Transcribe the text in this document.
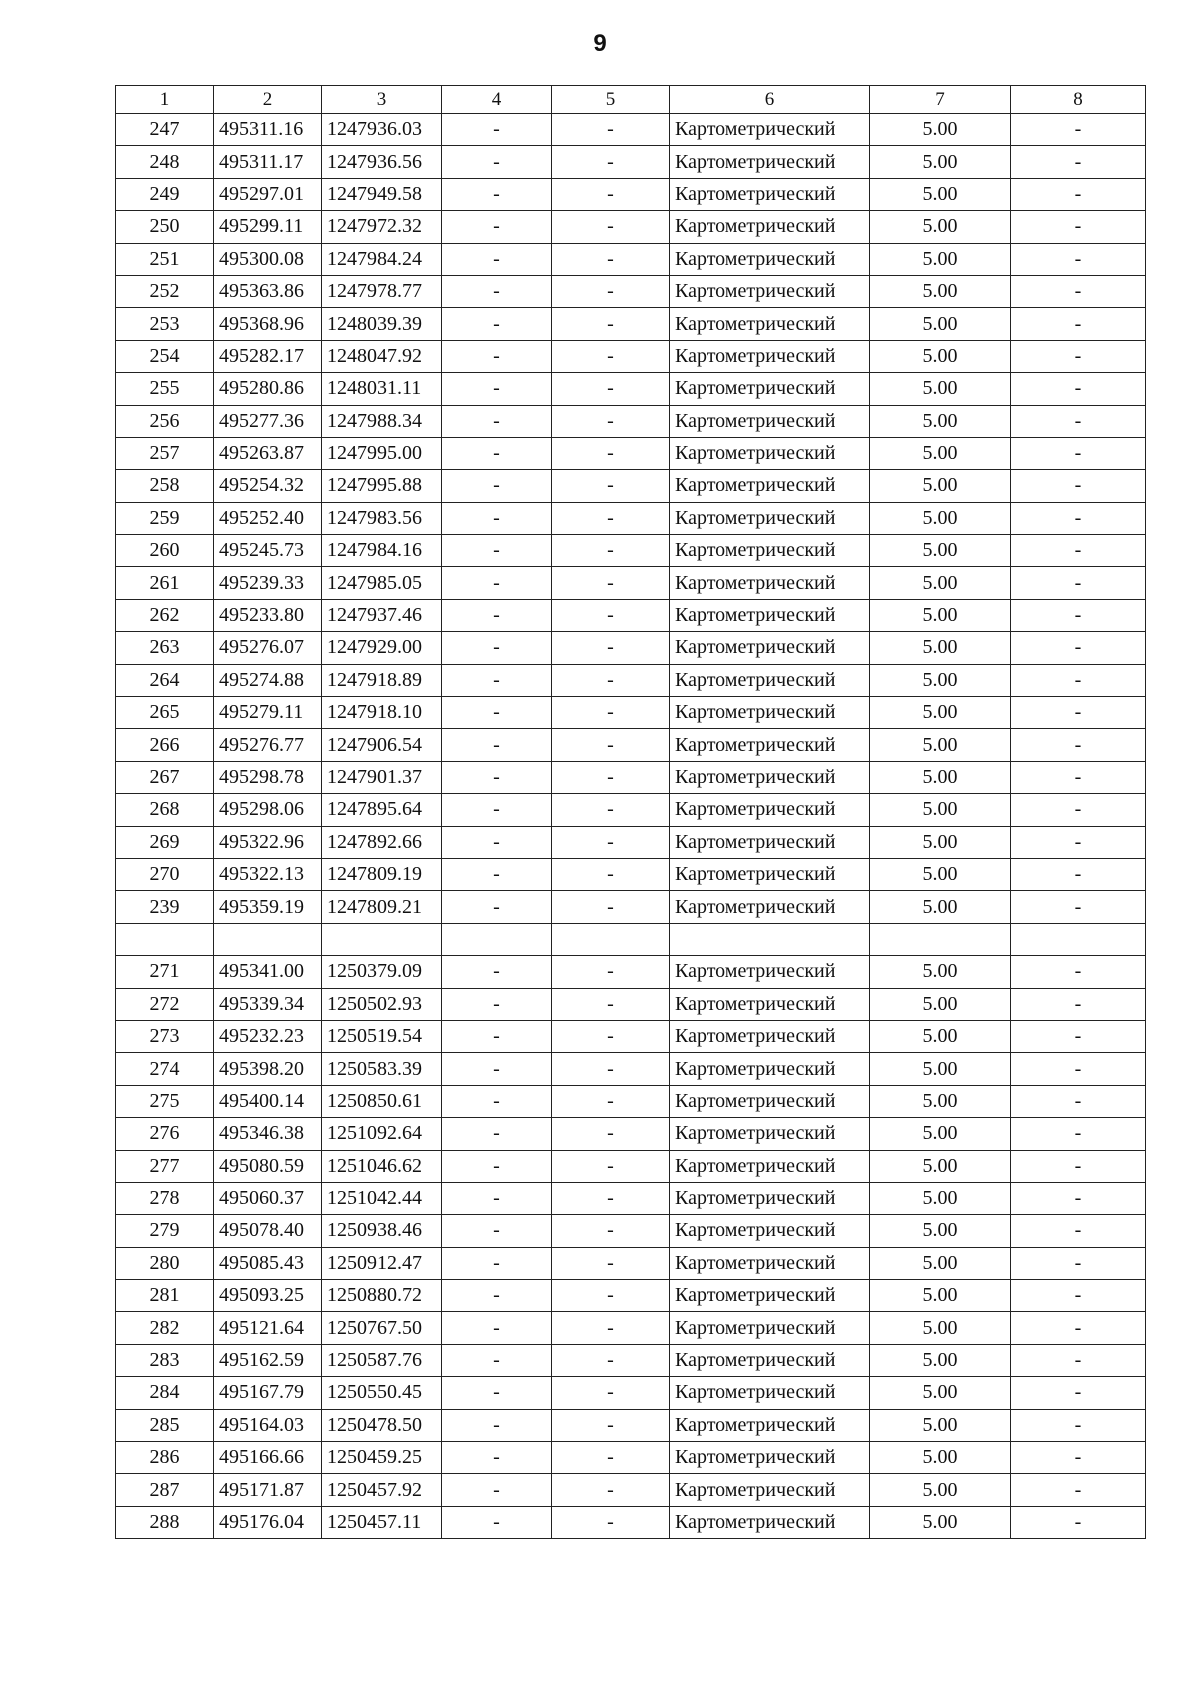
9
1	2	3	4	5	6	7	8
247	495311.16	1247936.03	-	-	Картометрический	5.00	-
248	495311.17	1247936.56	-	-	Картометрический	5.00	-
249	495297.01	1247949.58	-	-	Картометрический	5.00	-
250	495299.11	1247972.32	-	-	Картометрический	5.00	-
251	495300.08	1247984.24	-	-	Картометрический	5.00	-
252	495363.86	1247978.77	-	-	Картометрический	5.00	-
253	495368.96	1248039.39	-	-	Картометрический	5.00	-
254	495282.17	1248047.92	-	-	Картометрический	5.00	-
255	495280.86	1248031.11	-	-	Картометрический	5.00	-
256	495277.36	1247988.34	-	-	Картометрический	5.00	-
257	495263.87	1247995.00	-	-	Картометрический	5.00	-
258	495254.32	1247995.88	-	-	Картометрический	5.00	-
259	495252.40	1247983.56	-	-	Картометрический	5.00	-
260	495245.73	1247984.16	-	-	Картометрический	5.00	-
261	495239.33	1247985.05	-	-	Картометрический	5.00	-
262	495233.80	1247937.46	-	-	Картометрический	5.00	-
263	495276.07	1247929.00	-	-	Картометрический	5.00	-
264	495274.88	1247918.89	-	-	Картометрический	5.00	-
265	495279.11	1247918.10	-	-	Картометрический	5.00	-
266	495276.77	1247906.54	-	-	Картометрический	5.00	-
267	495298.78	1247901.37	-	-	Картометрический	5.00	-
268	495298.06	1247895.64	-	-	Картометрический	5.00	-
269	495322.96	1247892.66	-	-	Картометрический	5.00	-
270	495322.13	1247809.19	-	-	Картометрический	5.00	-
239	495359.19	1247809.21	-	-	Картометрический	5.00	-

271	495341.00	1250379.09	-	-	Картометрический	5.00	-
272	495339.34	1250502.93	-	-	Картометрический	5.00	-
273	495232.23	1250519.54	-	-	Картометрический	5.00	-
274	495398.20	1250583.39	-	-	Картометрический	5.00	-
275	495400.14	1250850.61	-	-	Картометрический	5.00	-
276	495346.38	1251092.64	-	-	Картометрический	5.00	-
277	495080.59	1251046.62	-	-	Картометрический	5.00	-
278	495060.37	1251042.44	-	-	Картометрический	5.00	-
279	495078.40	1250938.46	-	-	Картометрический	5.00	-
280	495085.43	1250912.47	-	-	Картометрический	5.00	-
281	495093.25	1250880.72	-	-	Картометрический	5.00	-
282	495121.64	1250767.50	-	-	Картометрический	5.00	-
283	495162.59	1250587.76	-	-	Картометрический	5.00	-
284	495167.79	1250550.45	-	-	Картометрический	5.00	-
285	495164.03	1250478.50	-	-	Картометрический	5.00	-
286	495166.66	1250459.25	-	-	Картометрический	5.00	-
287	495171.87	1250457.92	-	-	Картометрический	5.00	-
288	495176.04	1250457.11	-	-	Картометрический	5.00	-
